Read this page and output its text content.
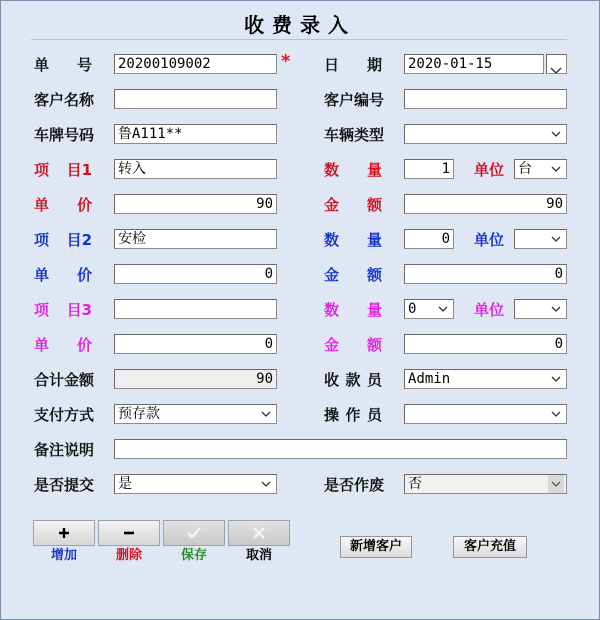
收费录入
单 号 20200109002	* 日 期 2020-01-15
客户名称	客户编号
车牌号码 鲁A111**	车辆类型
项 目1 转入	数 量	1 单位 台
单 价	90	金 额	90
项 目2 安检	数 量	0 单位
单 价	0	金 额	0
项 目3	数 量 0	单位
单 价	0	金 额	0
合计金额	90	收 款 员 Admin
支付方式 预存款	操 作 员
备注说明
是否提交 是	是否作废 否
增加	删除	保存	取消
新增客户	客户充值
